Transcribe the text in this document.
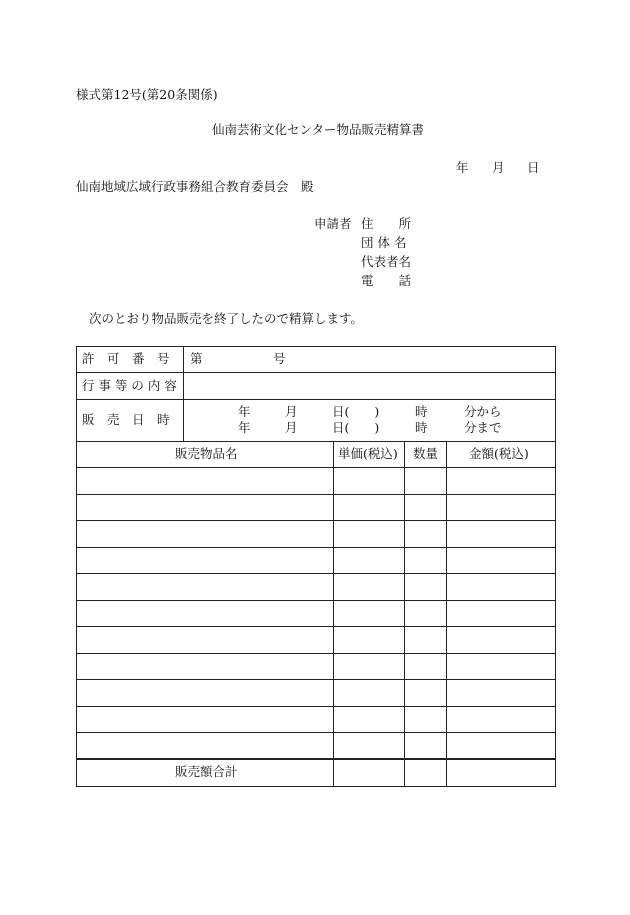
様式第12号(第20条関係)
仙南芸術文化センター物品販売精算書
年 月 日
仙南地域広域行政事務組合教育委員会　殿
申請者 住　　所
団 体 名
代表者名
電　　話
次のとおり物品販売を終了したので精算します。
許　可　番　号 第	号
行 事 等 の 内 容
販　売　日　時
年	月	日(　　)	時	分から
年	月	日(　　)	時	分まで
販売物品名	単価(税込) 数量 金額(税込)
販売額合計
